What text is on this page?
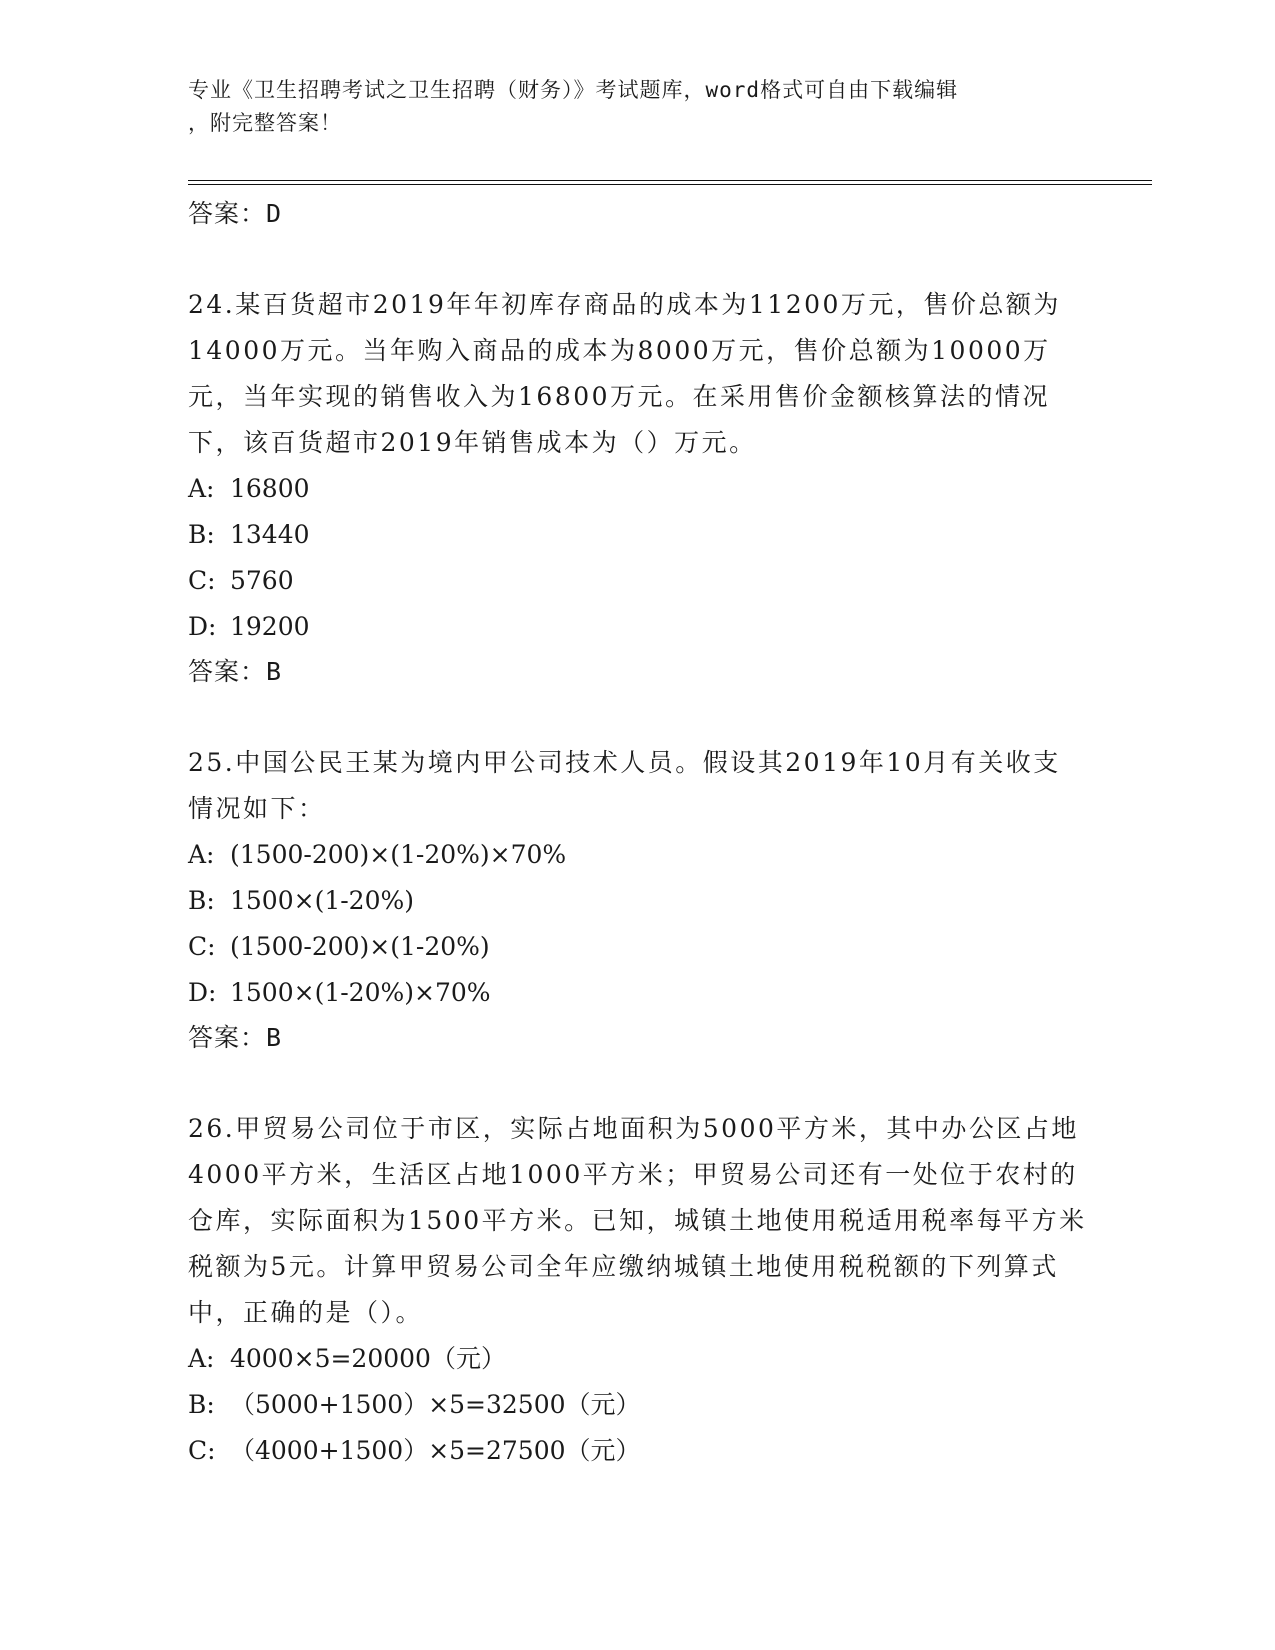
专业《卫生招聘考试之卫生招聘（财务）》考试题库，word格式可自由下载编辑
，附完整答案！
答案：D
24.某百货超市2019年年初库存商品的成本为11200万元，售价总额为14000万元。当年购入商品的成本为8000万元，售价总额为10000万元，当年实现的销售收入为16800万元。在采用售价金额核算法的情况下，该百货超市2019年销售成本为（）万元。
A: 16800
B: 13440
C: 5760
D: 19200
答案：B
25.中国公民王某为境内甲公司技术人员。假设其2019年10月有关收支情况如下：
A: (1500-200)×(1-20%)×70%
B: 1500×(1-20%)
C: (1500-200)×(1-20%)
D: 1500×(1-20%)×70%
答案：B
26.甲贸易公司位于市区，实际占地面积为5000平方米，其中办公区占地4000平方米，生活区占地1000平方米；甲贸易公司还有一处位于农村的仓库，实际面积为1500平方米。已知，城镇土地使用税适用税率每平方米税额为5元。计算甲贸易公司全年应缴纳城镇土地使用税税额的下列算式中，正确的是（）。
A: 4000×5=20000（元）
B: （5000+1500）×5=32500（元）
C: （4000+1500）×5=27500（元）
